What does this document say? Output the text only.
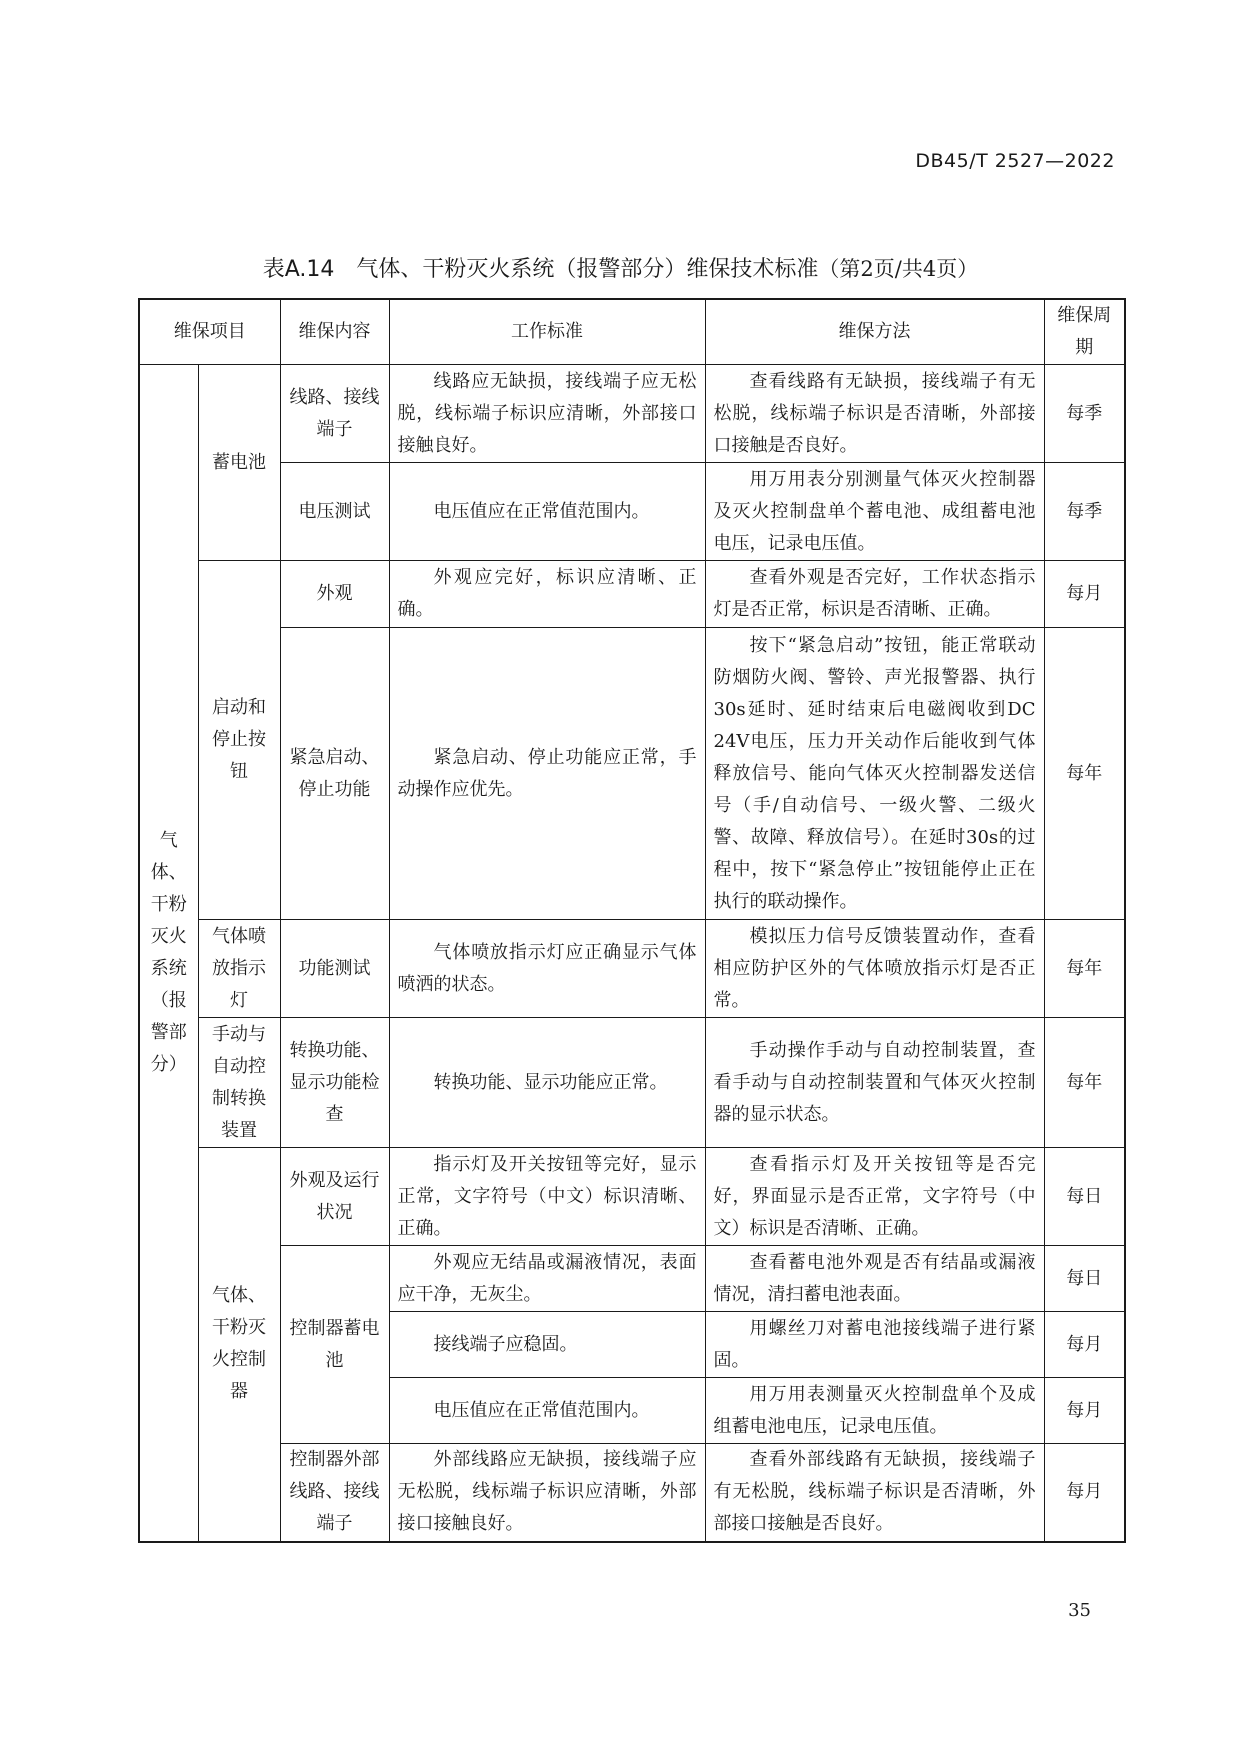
DB45/T 2527—2022
表A.14　气体、干粉灭火系统（报警部分）维保技术标准（第2页/共4页）
维保项目		维保内容	工作标准	维保方法	维保周期
气体、干粉灭火系统（报警部分）	蓄电池	线路、接线端子	线路应无缺损，接线端子应无松脱，线标端子标识应清晰，外部接口接触良好。	查看线路有无缺损，接线端子有无松脱，线标端子标识是否清晰，外部接口接触是否良好。	每季
		电压测试	电压值应在正常值范围内。	用万用表分别测量气体灭火控制器及灭火控制盘单个蓄电池、成组蓄电池电压，记录电压值。	每季
	启动和停止按钮	外观	外观应完好，标识应清晰、正确。	查看外观是否完好，工作状态指示灯是否正常，标识是否清晰、正确。	每月
		紧急启动、停止功能	紧急启动、停止功能应正常，手动操作应优先。	按下“紧急启动”按钮，能正常联动防烟防火阀、警铃、声光报警器、执行30s延时、延时结束后电磁阀收到DC 24V电压，压力开关动作后能收到气体释放信号、能向气体灭火控制器发送信号（手/自动信号、一级火警、二级火警、故障、释放信号）。在延时30s的过程中，按下“紧急停止”按钮能停止正在执行的联动操作。	每年
	气体喷放指示灯	功能测试	气体喷放指示灯应正确显示气体喷洒的状态。	模拟压力信号反馈装置动作，查看相应防护区外的气体喷放指示灯是否正常。	每年
	手动与自动控制转换装置	转换功能、显示功能检查	转换功能、显示功能应正常。	手动操作手动与自动控制装置，查看手动与自动控制装置和气体灭火控制器的显示状态。	每年
	气体、干粉灭火控制器	外观及运行状况	指示灯及开关按钮等完好，显示正常，文字符号（中文）标识清晰、正确。	查看指示灯及开关按钮等是否完好，界面显示是否正常，文字符号（中文）标识是否清晰、正确。	每日
		控制器蓄电池	外观应无结晶或漏液情况，表面应干净，无灰尘。	查看蓄电池外观是否有结晶或漏液情况，清扫蓄电池表面。	每日
			接线端子应稳固。	用螺丝刀对蓄电池接线端子进行紧固。	每月
			电压值应在正常值范围内。	用万用表测量灭火控制盘单个及成组蓄电池电压，记录电压值。	每月
		控制器外部线路、接线端子	外部线路应无缺损，接线端子应无松脱，线标端子标识应清晰，外部接口接触良好。	查看外部线路有无缺损，接线端子有无松脱，线标端子标识是否清晰，外部接口接触是否良好。	每月
35
